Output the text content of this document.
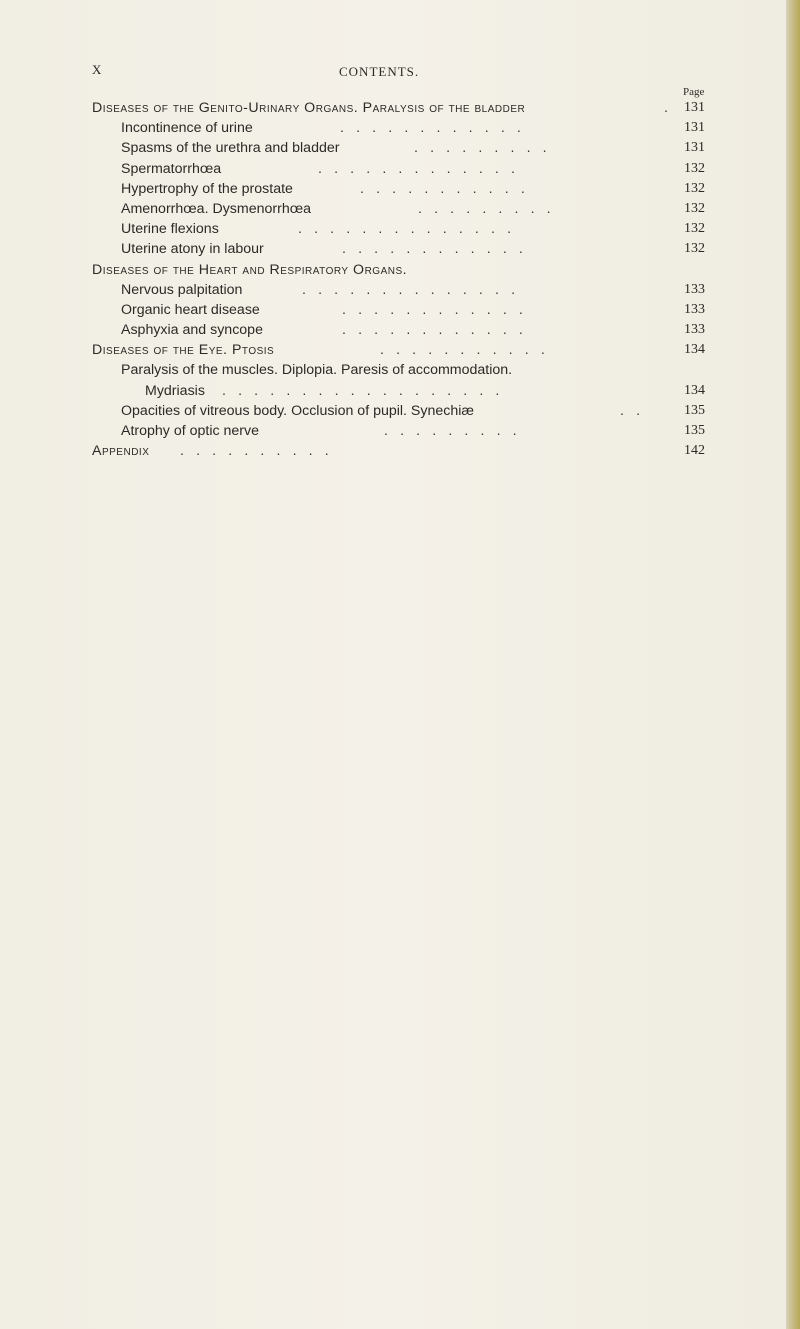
X	CONTENTS.
Page
Diseases of the Genito-Urinary Organs. Paralysis of the bladder	. 131
Incontinence of urine	. . . . . . . . . . . .	131
Spasms of the urethra and bladder	. . . . . . . . .	131
Spermatorrhœa	. . . . . . . . . . . . .	132
Hypertrophy of the prostate	. . . . . . . . . . .	132
Amenorrhœa. Dysmenorrhœa	. . . . . . . . .	132
Uterine flexions	. . . . . . . . . . . . . .	132
Uterine atony in labour	. . . . . . . . . . . .	132
Diseases of the Heart and Respiratory Organs.
Nervous palpitation	. . . . . . . . . . . . . .	133
Organic heart disease	. . . . . . . . . . . .	133
Asphyxia and syncope	. . . . . . . . . . . .	133
Diseases of the Eye. Ptosis	. . . . . . . . . . .	134
Paralysis of the muscles. Diplopia. Paresis of accommodation.
Mydriasis . . . . . . . . . . . . . . . . . .	134
Opacities of vitreous body. Occlusion of pupil. Synechiæ	. .	135
Atrophy of optic nerve	. . . . . . . . .	135
Appendix . . . . . . . . . .	142
